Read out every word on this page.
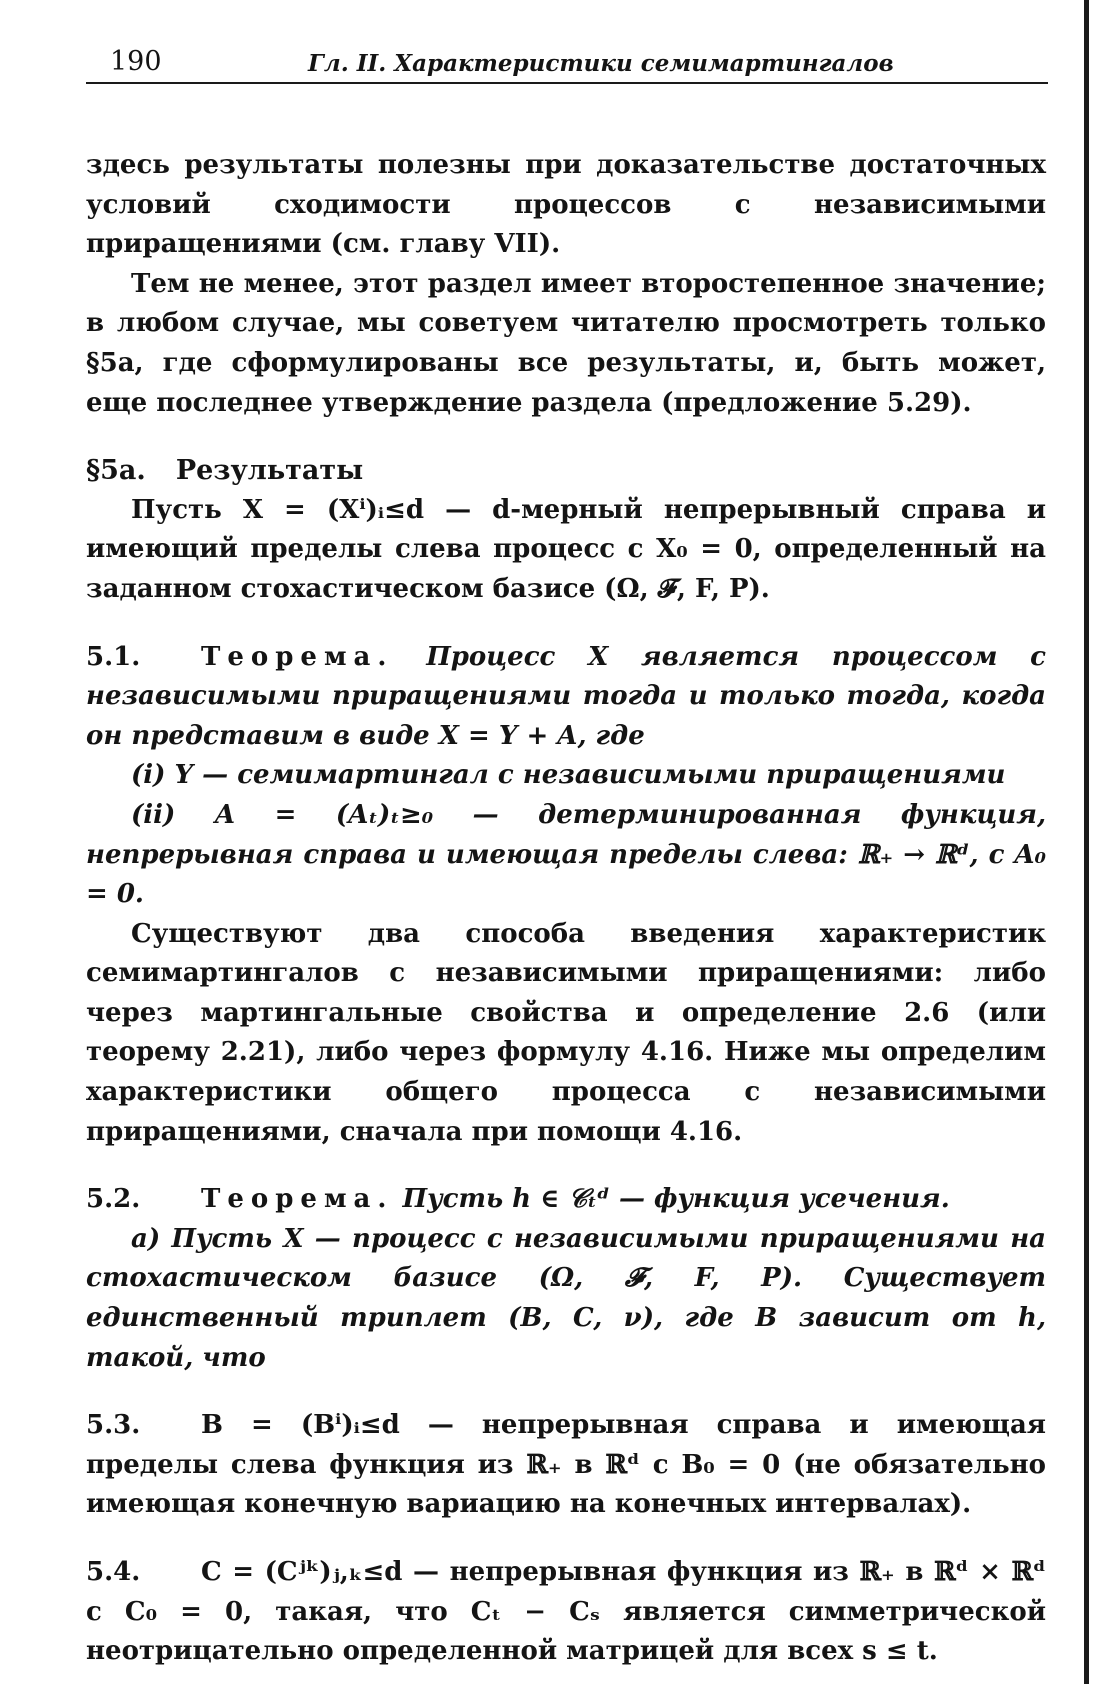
190	Гл. II. Характеристики семимартингалов

здесь результаты полезны при доказательстве достаточных условий сходимости процессов с независимыми приращениями (см. главу VII).

Тем не менее, этот раздел имеет второстепенное значение; в любом случае, мы советуем читателю просмотреть только §5а, где сформулированы все результаты, и, быть может, еще последнее утверждение раздела (предложение 5.29).

§5а. Результаты

Пусть X = (Xⁱ)ᵢ≤d — d-мерный непрерывный справа и имеющий пределы слева процесс с X₀ = 0, определенный на заданном стохастическом базисе (Ω, 𝓕, F, P).

5.1. Теорема. Процесс X является процессом с независимыми приращениями тогда и только тогда, когда он представим в виде X = Y + A, где

(i) Y — семимартингал с независимыми приращениями

(ii) A = (Aₜ)ₜ≥₀ — детерминированная функция, непрерывная справа и имеющая пределы слева: ℝ₊ → ℝᵈ, с A₀ = 0.

Существуют два способа введения характеристик семимартингалов с независимыми приращениями: либо через мартингальные свойства и определение 2.6 (или теорему 2.21), либо через формулу 4.16. Ниже мы определим характеристики общего процесса с независимыми приращениями, сначала при помощи 4.16.

5.2. Теорема. Пусть h ∈ 𝒞ₜᵈ — функция усечения.

а) Пусть X — процесс с независимыми приращениями на стохастическом базисе (Ω, 𝓕, F, P). Существует единственный триплет (B, C, ν), где B зависит от h, такой, что

5.3. B = (Bⁱ)ᵢ≤d — непрерывная справа и имеющая пределы слева функция из ℝ₊ в ℝᵈ с B₀ = 0 (не обязательно имеющая конечную вариацию на конечных интервалах).

5.4. C = (Cʲᵏ)ⱼ,ₖ≤d — непрерывная функция из ℝ₊ в ℝᵈ × ℝᵈ с C₀ = 0, такая, что Cₜ − Cₛ является симметрической неотрицательно определенной матрицей для всех s ≤ t.
